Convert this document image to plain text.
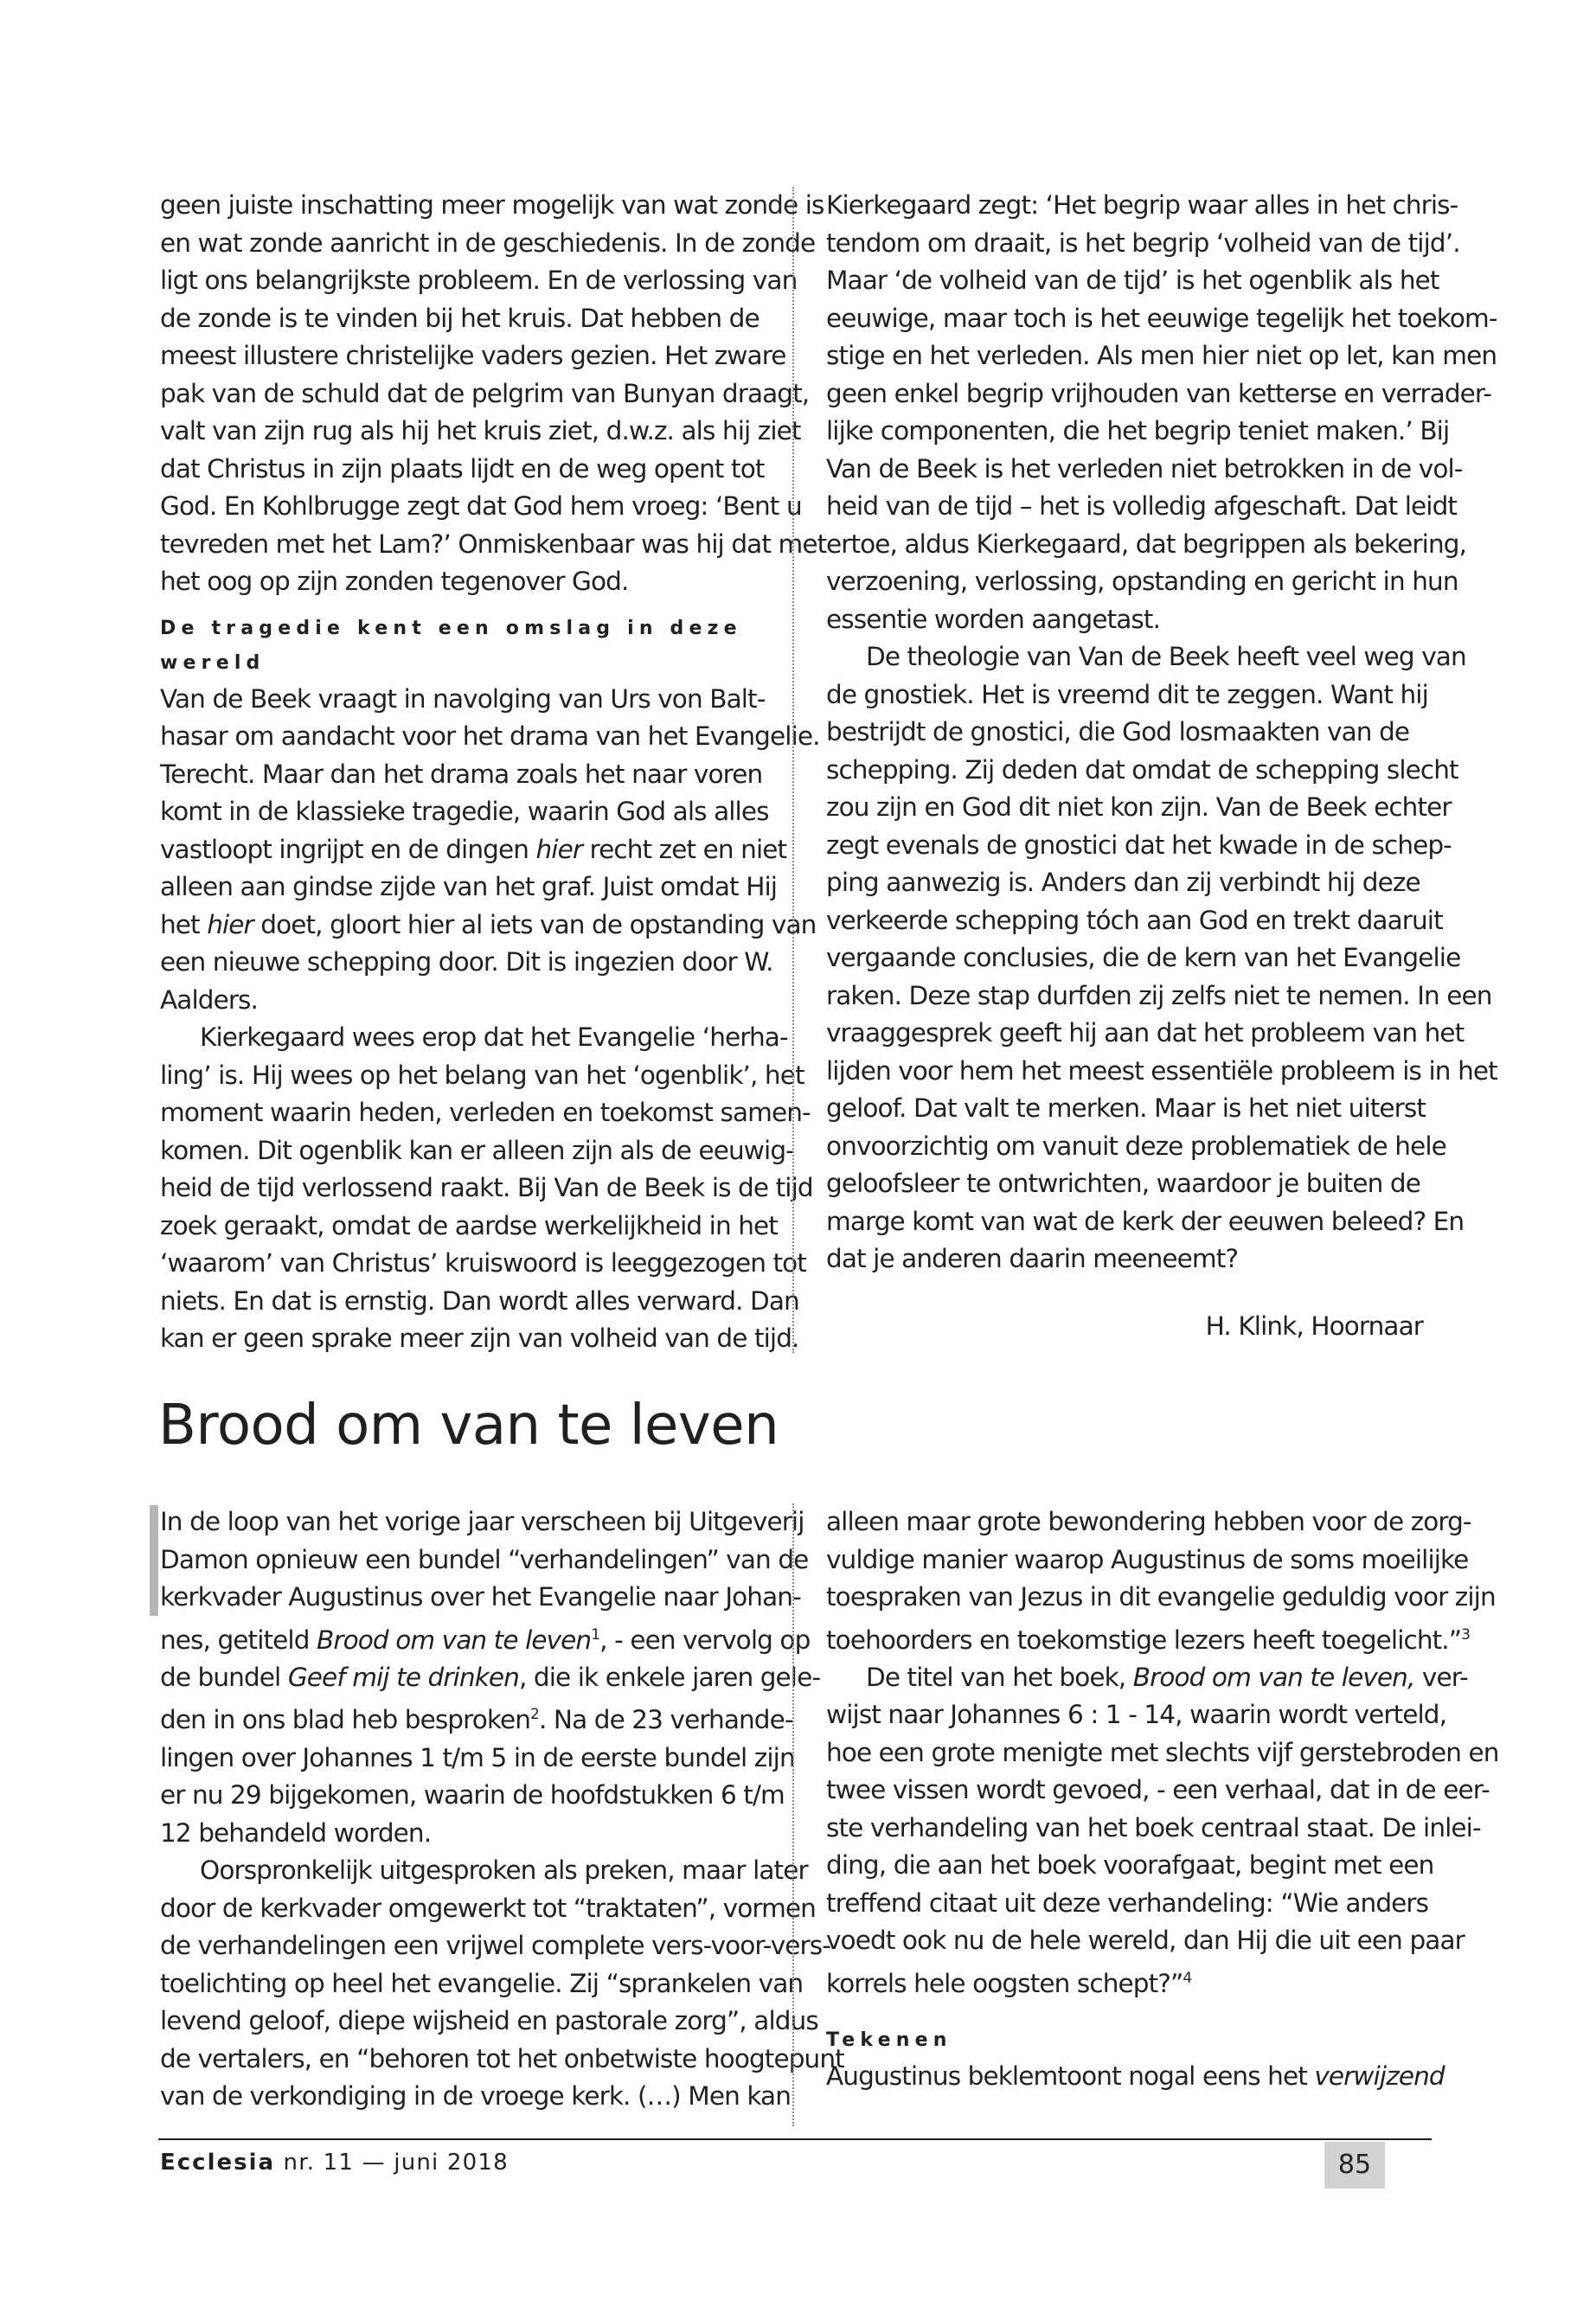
geen juiste inschatting meer mogelijk van wat zonde is
en wat zonde aanricht in de geschiedenis. In de zonde
ligt ons belangrijkste probleem. En de verlossing van
de zonde is te vinden bij het kruis. Dat hebben de
meest illustere christelijke vaders gezien. Het zware
pak van de schuld dat de pelgrim van Bunyan draagt,
valt van zijn rug als hij het kruis ziet, d.w.z. als hij ziet
dat Christus in zijn plaats lijdt en de weg opent tot
God. En Kohlbrugge zegt dat God hem vroeg: ‘Bent u
tevreden met het Lam?’ Onmiskenbaar was hij dat met
het oog op zijn zonden tegenover God.

De tragedie kent een omslag in deze
wereld

Van de Beek vraagt in navolging van Urs von Balt-
hasar om aandacht voor het drama van het Evangelie.
Terecht. Maar dan het drama zoals het naar voren
komt in de klassieke tragedie, waarin God als alles
vastloopt ingrijpt en de dingen hier recht zet en niet
alleen aan gindse zijde van het graf. Juist omdat Hij
het hier doet, gloort hier al iets van de opstanding van
een nieuwe schepping door. Dit is ingezien door W.
Aalders.

Kierkegaard wees erop dat het Evangelie ‘herha-
ling’ is. Hij wees op het belang van het ‘ogenblik’, het
moment waarin heden, verleden en toekomst samen-
komen. Dit ogenblik kan er alleen zijn als de eeuwig-
heid de tijd verlossend raakt. Bij Van de Beek is de tijd
zoek geraakt, omdat de aardse werkelijkheid in het
‘waarom’ van Christus’ kruiswoord is leeggezogen tot
niets. En dat is ernstig. Dan wordt alles verward. Dan
kan er geen sprake meer zijn van volheid van de tijd.

Kierkegaard zegt: ‘Het begrip waar alles in het chris-
tendom om draait, is het begrip ‘volheid van de tijd’.
Maar ‘de volheid van de tijd’ is het ogenblik als het
eeuwige, maar toch is het eeuwige tegelijk het toekom-
stige en het verleden. Als men hier niet op let, kan men
geen enkel begrip vrijhouden van ketterse en verrader-
lijke componenten, die het begrip teniet maken.’ Bij
Van de Beek is het verleden niet betrokken in de vol-
heid van de tijd – het is volledig afgeschaft. Dat leidt
ertoe, aldus Kierkegaard, dat begrippen als bekering,
verzoening, verlossing, opstanding en gericht in hun
essentie worden aangetast.

De theologie van Van de Beek heeft veel weg van
de gnostiek. Het is vreemd dit te zeggen. Want hij
bestrijdt de gnostici, die God losmaakten van de
schepping. Zij deden dat omdat de schepping slecht
zou zijn en God dit niet kon zijn. Van de Beek echter
zegt evenals de gnostici dat het kwade in de schep-
ping aanwezig is. Anders dan zij verbindt hij deze
verkeerde schepping tóch aan God en trekt daaruit
vergaande conclusies, die de kern van het Evangelie
raken. Deze stap durfden zij zelfs niet te nemen. In een
vraaggesprek geeft hij aan dat het probleem van het
lijden voor hem het meest essentiële probleem is in het
geloof. Dat valt te merken. Maar is het niet uiterst
onvoorzichtig om vanuit deze problematiek de hele
geloofsleer te ontwrichten, waardoor je buiten de
marge komt van wat de kerk der eeuwen beleed? En
dat je anderen daarin meeneemt?

H. Klink, Hoornaar

Brood om van te leven

In de loop van het vorige jaar verscheen bij Uitgeverij
Damon opnieuw een bundel “verhandelingen” van de
kerkvader Augustinus over het Evangelie naar Johan-
nes, getiteld Brood om van te leven$^1$, - een vervolg op
de bundel Geef mij te drinken, die ik enkele jaren gele-
den in ons blad heb besproken$^2$. Na de 23 verhande-
lingen over Johannes 1 t/m 5 in de eerste bundel zijn
er nu 29 bijgekomen, waarin de hoofdstukken 6 t/m
12 behandeld worden.

Oorspronkelijk uitgesproken als preken, maar later
door de kerkvader omgewerkt tot “traktaten”, vormen
de verhandelingen een vrijwel complete vers-voor-vers-
toelichting op heel het evangelie. Zij “sprankelen van
levend geloof, diepe wijsheid en pastorale zorg”, aldus
de vertalers, en “behoren tot het onbetwiste hoogtepunt
van de verkondiging in de vroege kerk. (…) Men kan

alleen maar grote bewondering hebben voor de zorg-
vuldige manier waarop Augustinus de soms moeilijke
toespraken van Jezus in dit evangelie geduldig voor zijn
toehoorders en toekomstige lezers heeft toegelicht.”$^3$

De titel van het boek, Brood om van te leven, ver-
wijst naar Johannes 6 : 1 - 14, waarin wordt verteld,
hoe een grote menigte met slechts vijf gerstebroden en
twee vissen wordt gevoed, - een verhaal, dat in de eer-
ste verhandeling van het boek centraal staat. De inlei-
ding, die aan het boek voorafgaat, begint met een
treffend citaat uit deze verhandeling: “Wie anders
voedt ook nu de hele wereld, dan Hij die uit een paar
korrels hele oogsten schept?”$^4$

Tekenen

Augustinus beklemtoont nogal eens het verwijzend

Ecclesia nr. 11 — juni 2018	85
